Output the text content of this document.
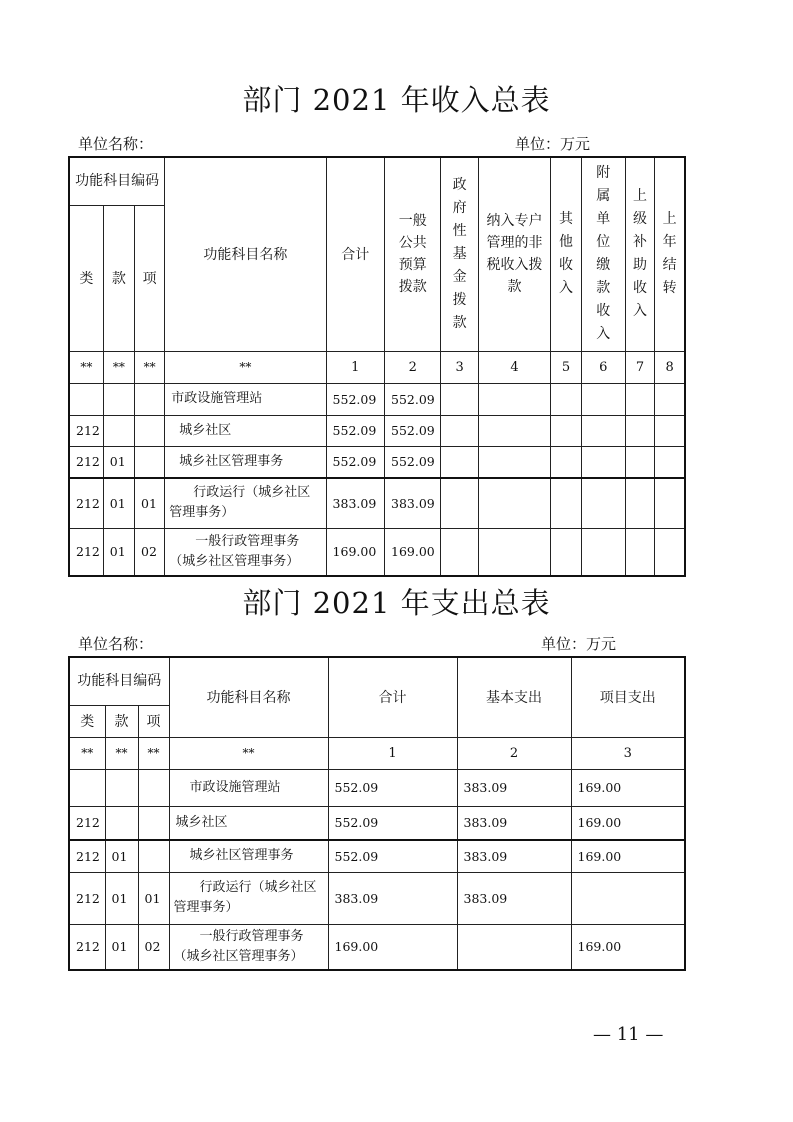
部门 2021 年收入总表
单位名称：	单位：万元
功能科目编码			功能科目名称	合计	一般公共预算拨款	政府性基金拨款	纳入专户管理的非税收入拨款	其他收入	附属单位缴款收入	上级补助收入	上年结转
类	款	项									
**	**	**	**	1	2	3	4	5	6	7	8
			市政设施管理站	552.09	552.09						
212			城乡社区	552.09	552.09						
212	01		城乡社区管理事务	552.09	552.09						
212	01	01	行政运行（城乡社区
管理事务）	383.09	383.09						
212	01	02	一般行政管理事务
（城乡社区管理事务）	169.00	169.00						
部门 2021 年支出总表
单位名称：	单位：万元
功能科目编码			功能科目名称	合计	基本支出	项目支出
类	款	项				
**	**	**	**	1	2	3
			市政设施管理站	552.09	383.09	169.00
212			城乡社区	552.09	383.09	169.00
212	01		城乡社区管理事务	552.09	383.09	169.00
212	01	01	行政运行（城乡社区
管理事务）	383.09	383.09	
212	01	02	一般行政管理事务
（城乡社区管理事务）	169.00		169.00
— 11 —
